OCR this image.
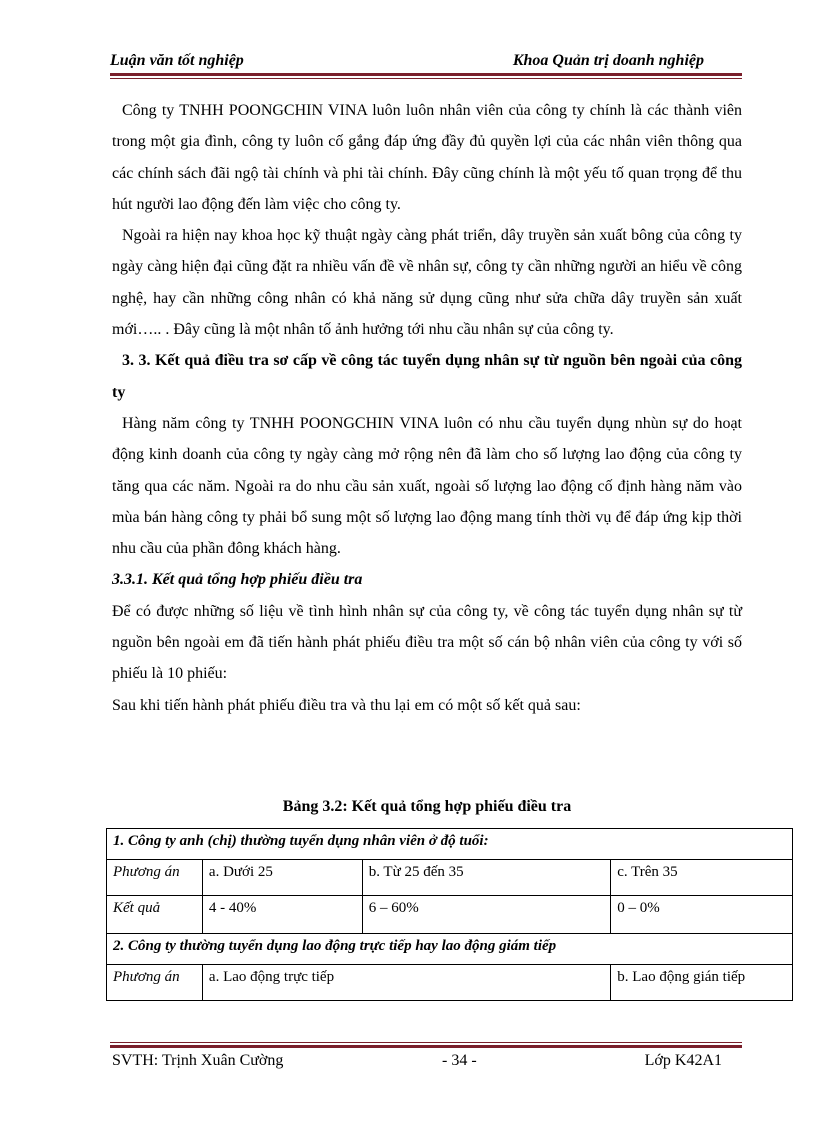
Luận văn tốt nghiệp	Khoa Quản trị doanh nghiệp

Công ty TNHH POONGCHIN VINA luôn luôn nhân viên của công ty chính là các thành viên trong một gia đình, công ty luôn cố gắng đáp ứng đầy đủ quyền lợi của các nhân viên thông qua các chính sách đãi ngộ tài chính và phi tài chính. Đây cũng chính là một yếu tố quan trọng để thu hút người lao động đến làm việc cho công ty.

Ngoài ra hiện nay khoa học kỹ thuật ngày càng phát triển, dây truyền sản xuất bông của công ty ngày càng hiện đại cũng đặt ra nhiều vấn đề về nhân sự, công ty cần những người an hiểu về công nghệ, hay cần những công nhân có khả năng sử dụng cũng như sửa chữa dây truyền sản xuất mới….. . Đây cũng là một nhân tố ảnh hưởng tới nhu cầu nhân sự của công ty.

3. 3. Kết quả điều tra sơ cấp về công tác tuyển dụng nhân sự từ nguồn bên ngoài của công ty

Hàng năm công ty TNHH POONGCHIN VINA luôn có nhu cầu tuyển dụng nhùn sự do hoạt động kinh doanh của công ty ngày càng mở rộng nên đã làm cho số lượng lao động của công ty tăng qua các năm. Ngoài ra do nhu cầu sản xuất, ngoài số lượng lao động cố định hàng năm vào mùa bán hàng công ty phải bổ sung một số lượng lao động mang tính thời vụ để đáp ứng kịp thời nhu cầu của phần đông khách hàng.

3.3.1. Kết quả tổng hợp phiếu điều tra

Để có được những số liệu về tình hình nhân sự của công ty, về công tác tuyển dụng nhân sự từ nguồn bên ngoài em đã tiến hành phát phiếu điều tra một số cán bộ nhân viên của công ty với số phiếu là 10 phiếu:

Sau khi tiến hành phát phiếu điều tra và thu lại em có một số kết quả sau:

Bảng 3.2: Kết quả tổng hợp phiếu điều tra
1. Công ty anh (chị) thường tuyển dụng nhân viên ở độ tuổi:			
Phương án	a. Dưới 25	b. Từ 25 đến 35	c. Trên 35
Kết quả	4 - 40%	6 – 60%	0 – 0%
2. Công ty thường tuyển dụng lao động trực tiếp hay lao động giám tiếp			
Phương án	a. Lao động trực tiếp		b. Lao động gián tiếp
SVTH: Trịnh Xuân Cường	- 34 -	Lớp K42A1
